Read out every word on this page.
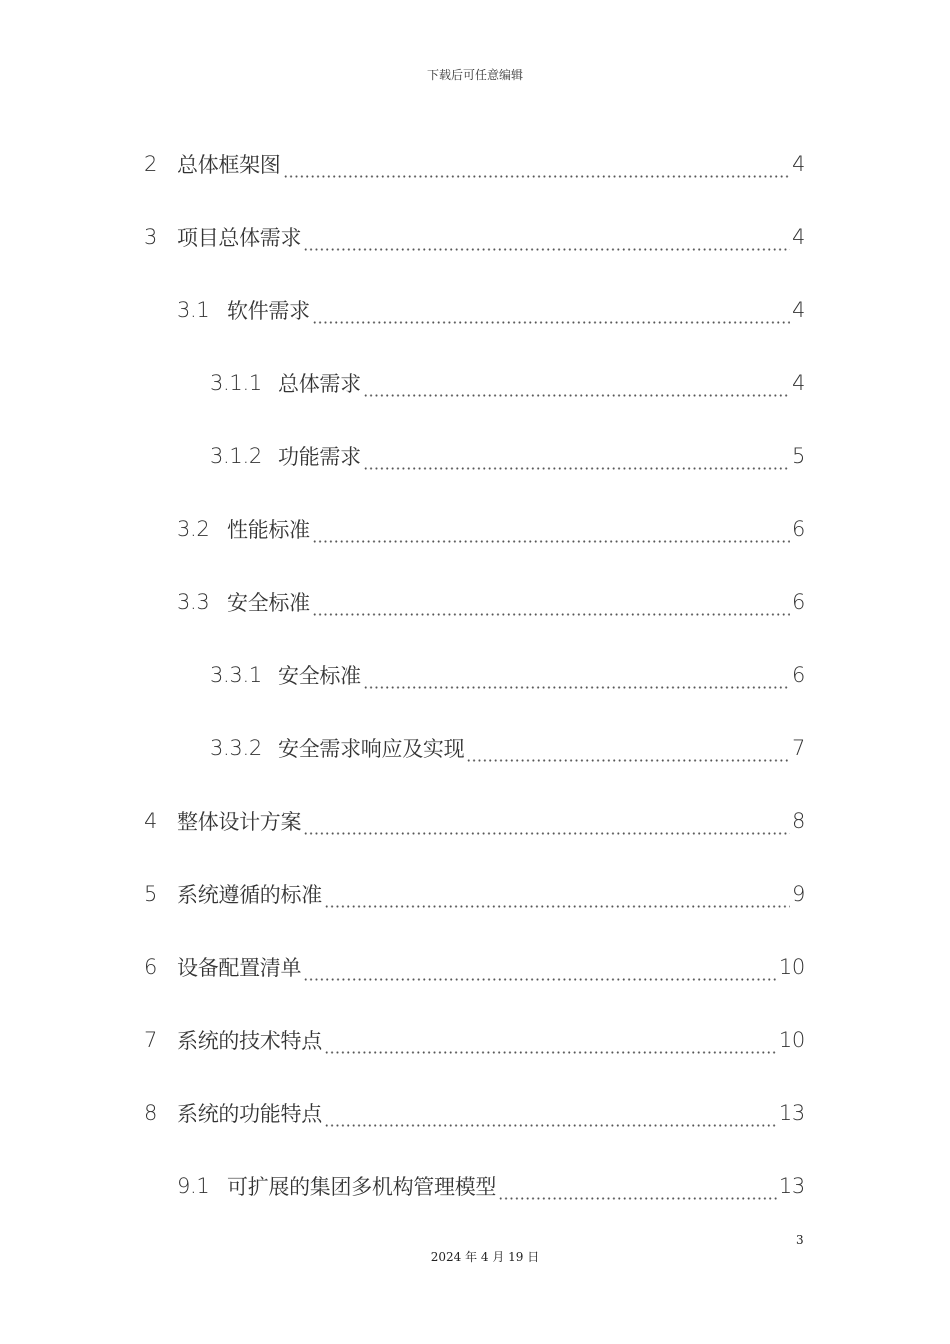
下载后可任意编辑
2 总体框架图	4
3 项目总体需求	4
3.1 软件需求	4
3.1.1 总体需求	4
3.1.2 功能需求	5
3.2 性能标准	6
3.3 安全标准	6
3.3.1 安全标准	6
3.3.2 安全需求响应及实现	7
4 整体设计方案	8
5 系统遵循的标准	9
6 设备配置清单	10
7 系统的技术特点	10
8 系统的功能特点	13
9.1 可扩展的集团多机构管理模型	13
3
2024 年 4 月 19 日
